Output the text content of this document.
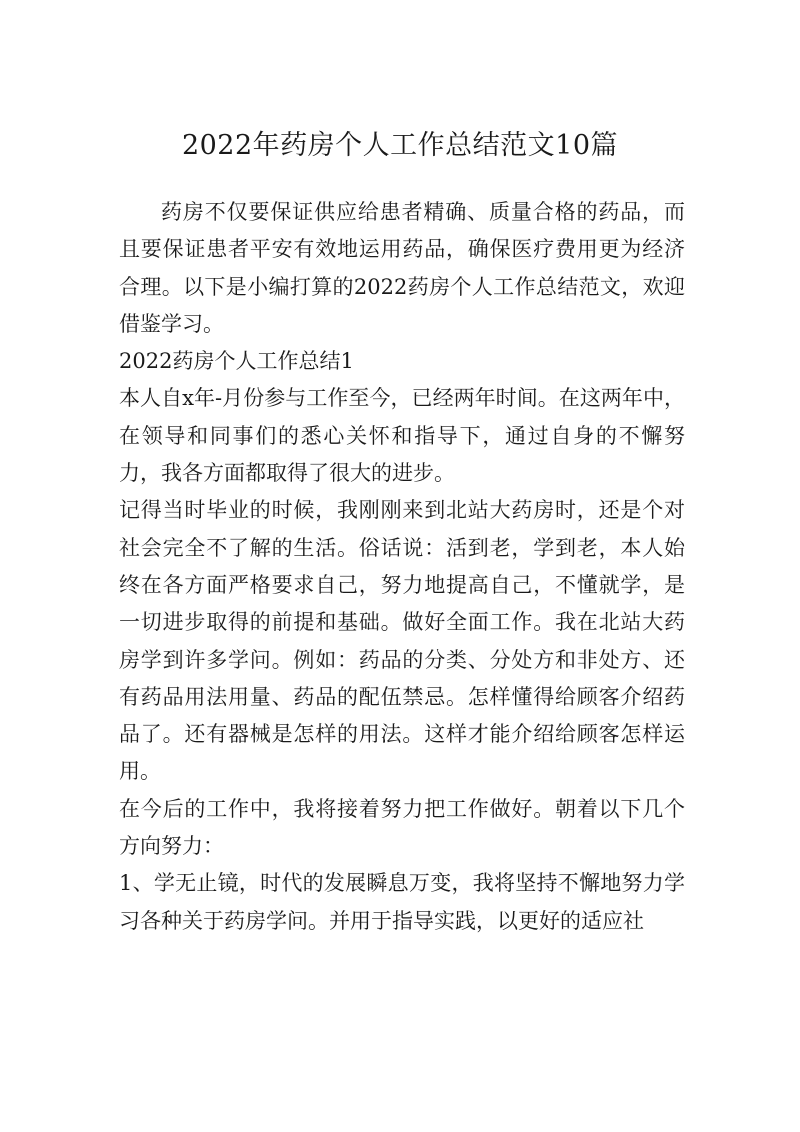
2022年药房个人工作总结范文10篇

药房不仅要保证供应给患者精确、质量合格的药品，而且要保证患者平安有效地运用药品，确保医疗费用更为经济合理。以下是小编打算的2022药房个人工作总结范文，欢迎借鉴学习。

2022药房个人工作总结1

本人自x年-月份参与工作至今，已经两年时间。在这两年中，在领导和同事们的悉心关怀和指导下，通过自身的不懈努力，我各方面都取得了很大的进步。

记得当时毕业的时候，我刚刚来到北站大药房时，还是个对社会完全不了解的生活。俗话说：活到老，学到老，本人始终在各方面严格要求自己，努力地提高自己，不懂就学，是一切进步取得的前提和基础。做好全面工作。我在北站大药房学到许多学问。例如：药品的分类、分处方和非处方、还有药品用法用量、药品的配伍禁忌。怎样懂得给顾客介绍药品了。还有器械是怎样的用法。这样才能介绍给顾客怎样运用。

在今后的工作中，我将接着努力把工作做好。朝着以下几个方向努力：

1、学无止镜，时代的发展瞬息万变，我将坚持不懈地努力学习各种关于药房学问。并用于指导实践，以更好的适应社
